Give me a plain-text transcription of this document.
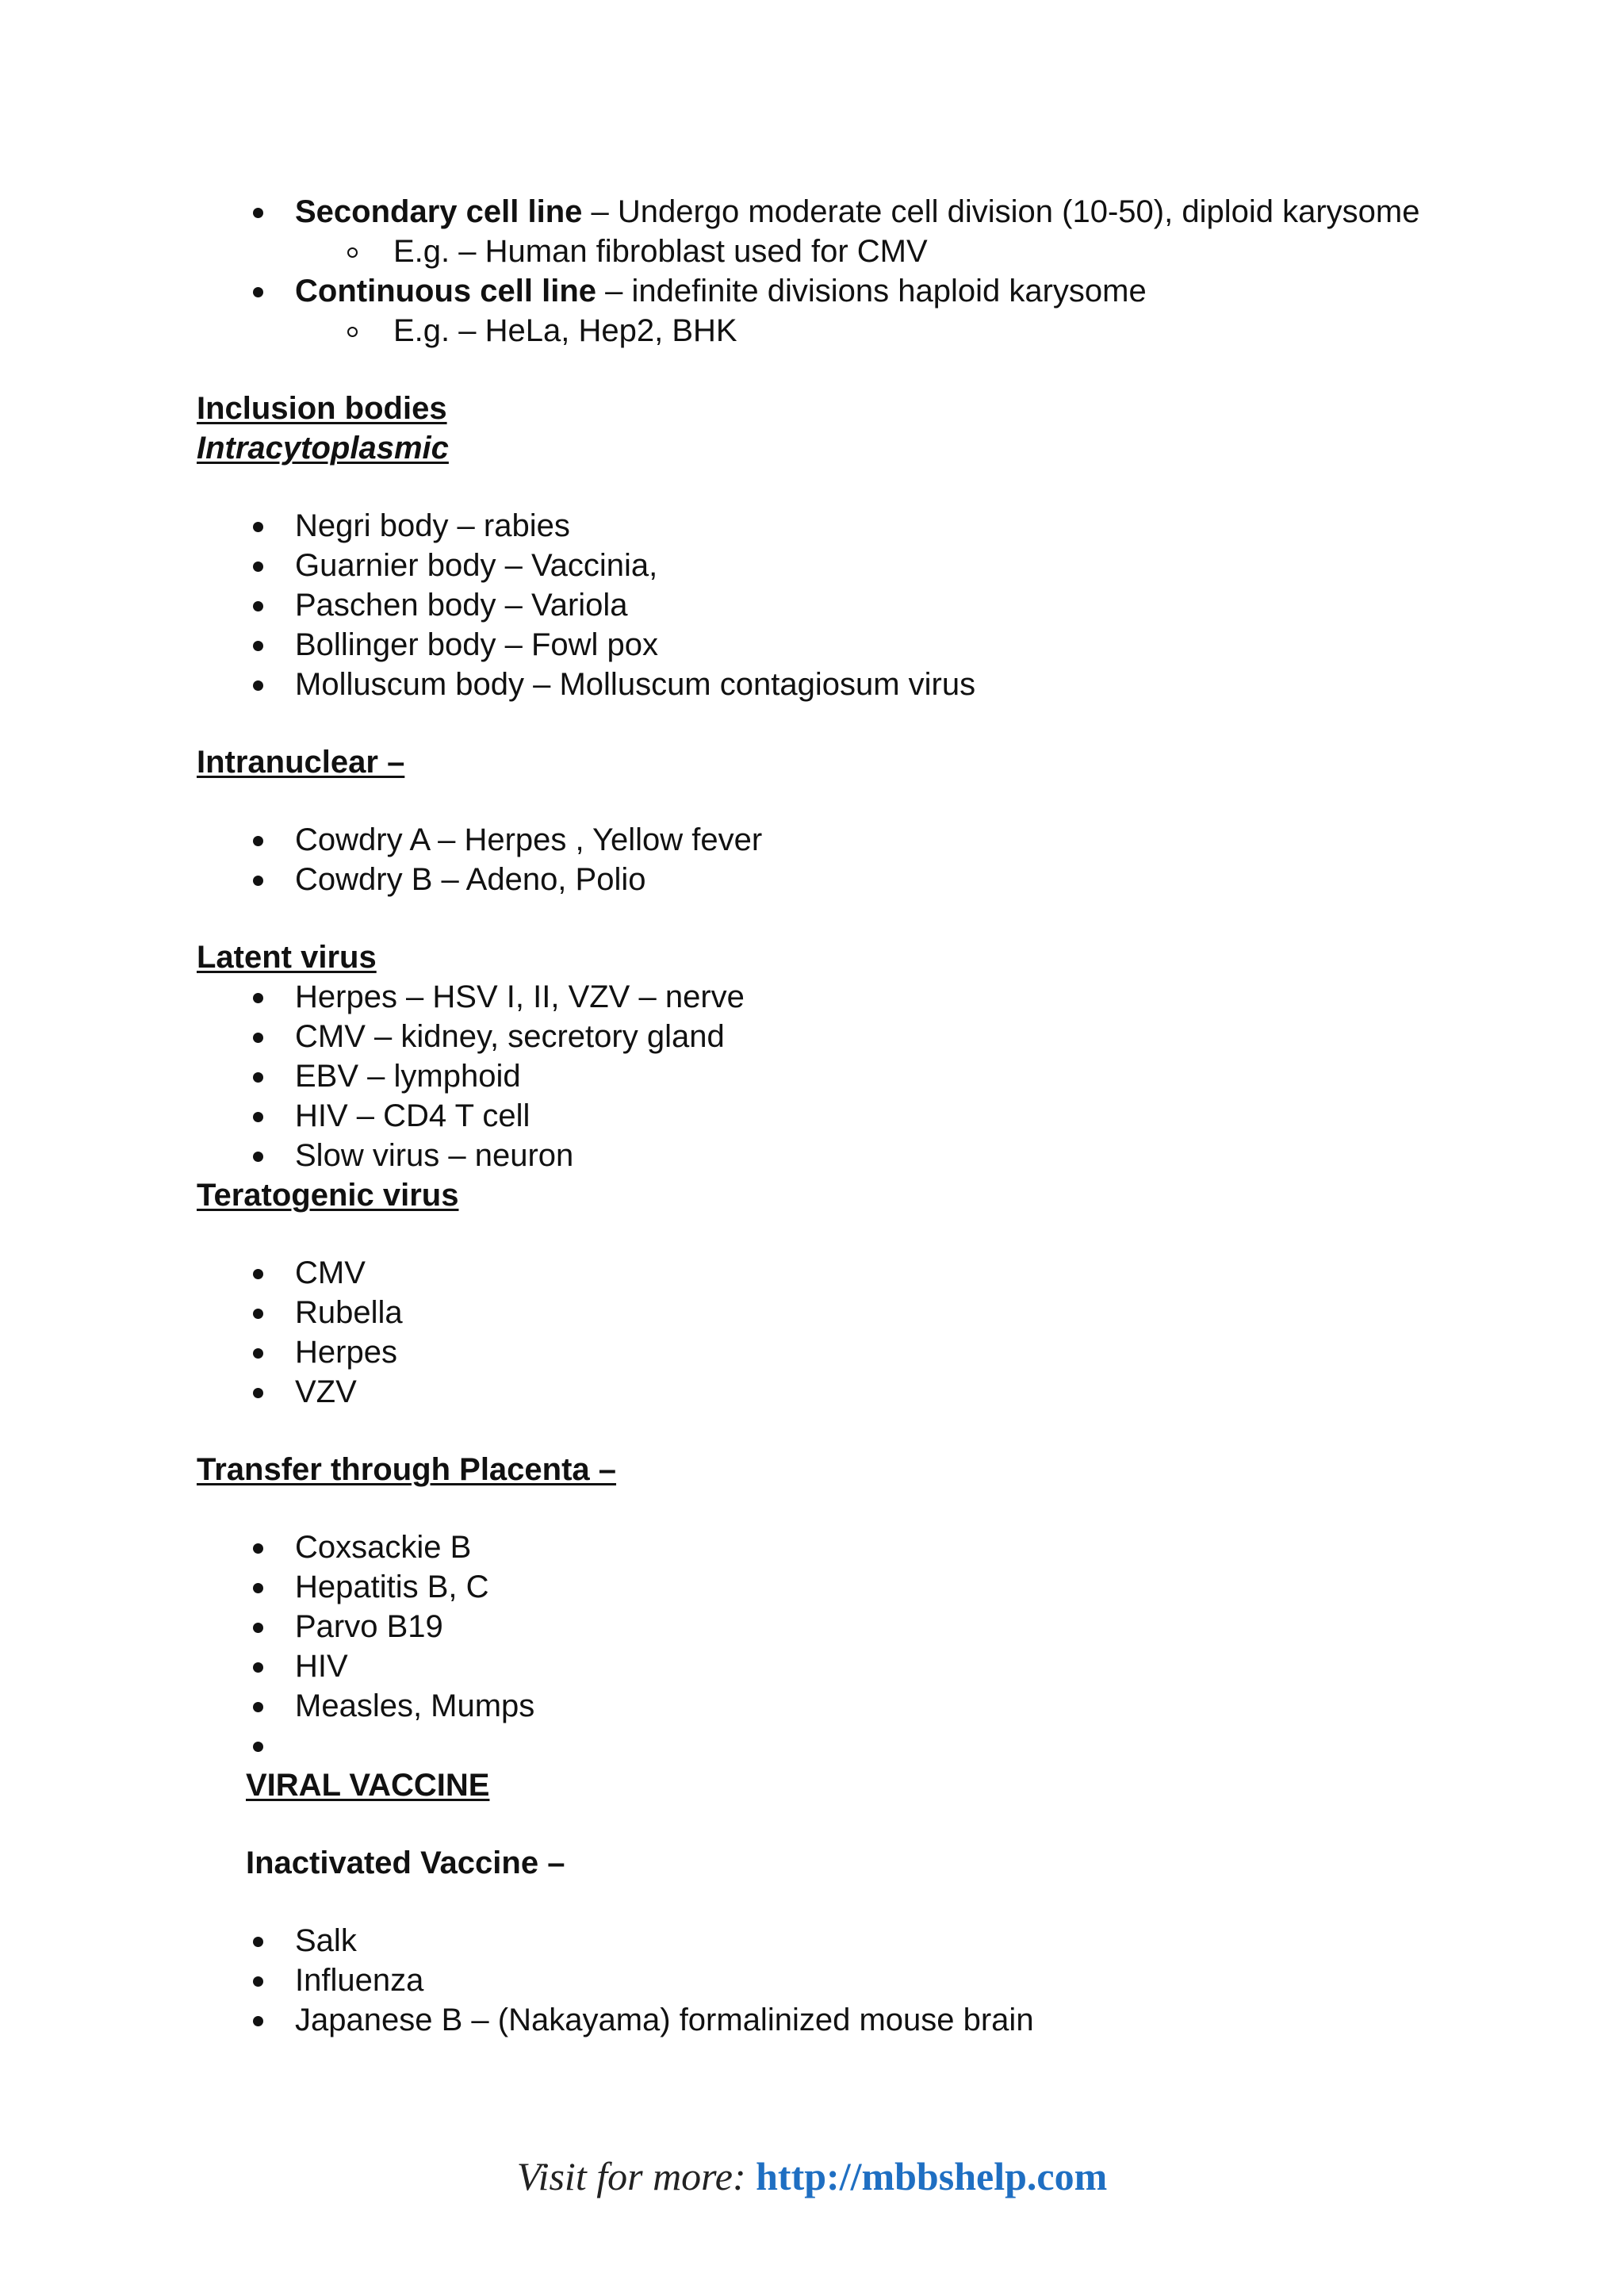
Secondary cell line – Undergo moderate cell division (10-50), diploid karysome
E.g. – Human fibroblast used for CMV
Continuous cell line – indefinite divisions haploid karysome
E.g. – HeLa, Hep2, BHK
Inclusion bodies
Intracytoplasmic
Negri body – rabies
Guarnier body – Vaccinia,
Paschen body – Variola
Bollinger body – Fowl pox
Molluscum body – Molluscum contagiosum virus
Intranuclear –
Cowdry A – Herpes , Yellow fever
Cowdry B – Adeno, Polio
Latent virus
Herpes – HSV I, II, VZV – nerve
CMV – kidney, secretory gland
EBV – lymphoid
HIV – CD4 T cell
Slow virus – neuron
Teratogenic virus
CMV
Rubella
Herpes
VZV
Transfer through Placenta –
Coxsackie B
Hepatitis B, C
Parvo B19
HIV
Measles, Mumps
VIRAL VACCINE
Inactivated Vaccine –
Salk
Influenza
Japanese B – (Nakayama) formalinized mouse brain
Visit for more: http://mbbshelp.com
